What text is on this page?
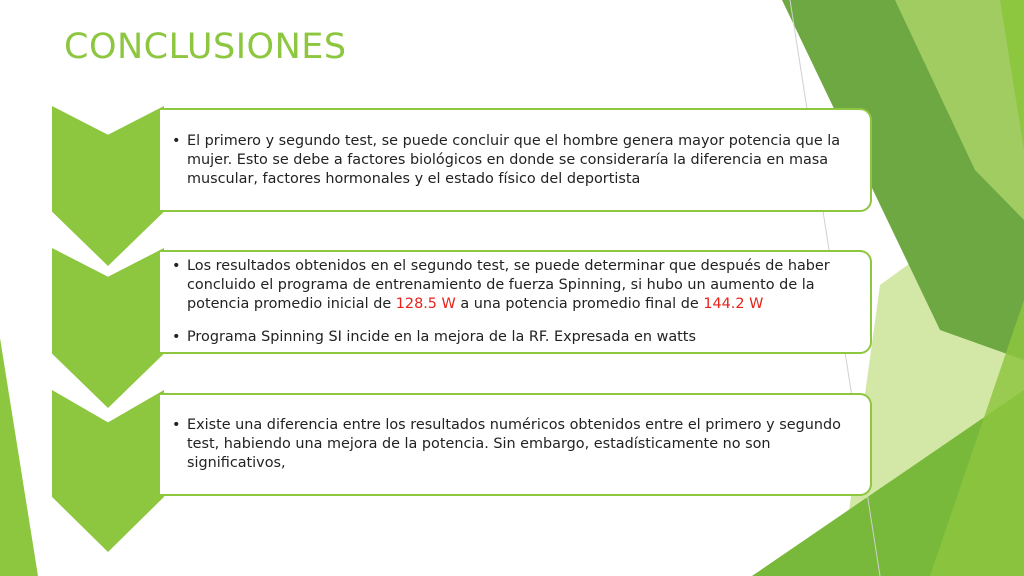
CONCLUSIONES
• El primero y segundo test, se puede concluir que el hombre genera mayor potencia que la mujer. Esto se debe a factores biológicos en donde se consideraría la diferencia en masa muscular, factores hormonales y el estado físico del deportista
• Los resultados obtenidos en el segundo test, se puede determinar que después de haber concluido el programa de entrenamiento de fuerza Spinning, si hubo un aumento de la potencia promedio inicial de 128.5 W a una potencia promedio final de 144.2 W
• Programa Spinning SI incide en la mejora de la RF. Expresada en watts
• Existe una diferencia entre los resultados numéricos obtenidos entre el primero y segundo test, habiendo una mejora de la potencia. Sin embargo, estadísticamente no son significativos,
